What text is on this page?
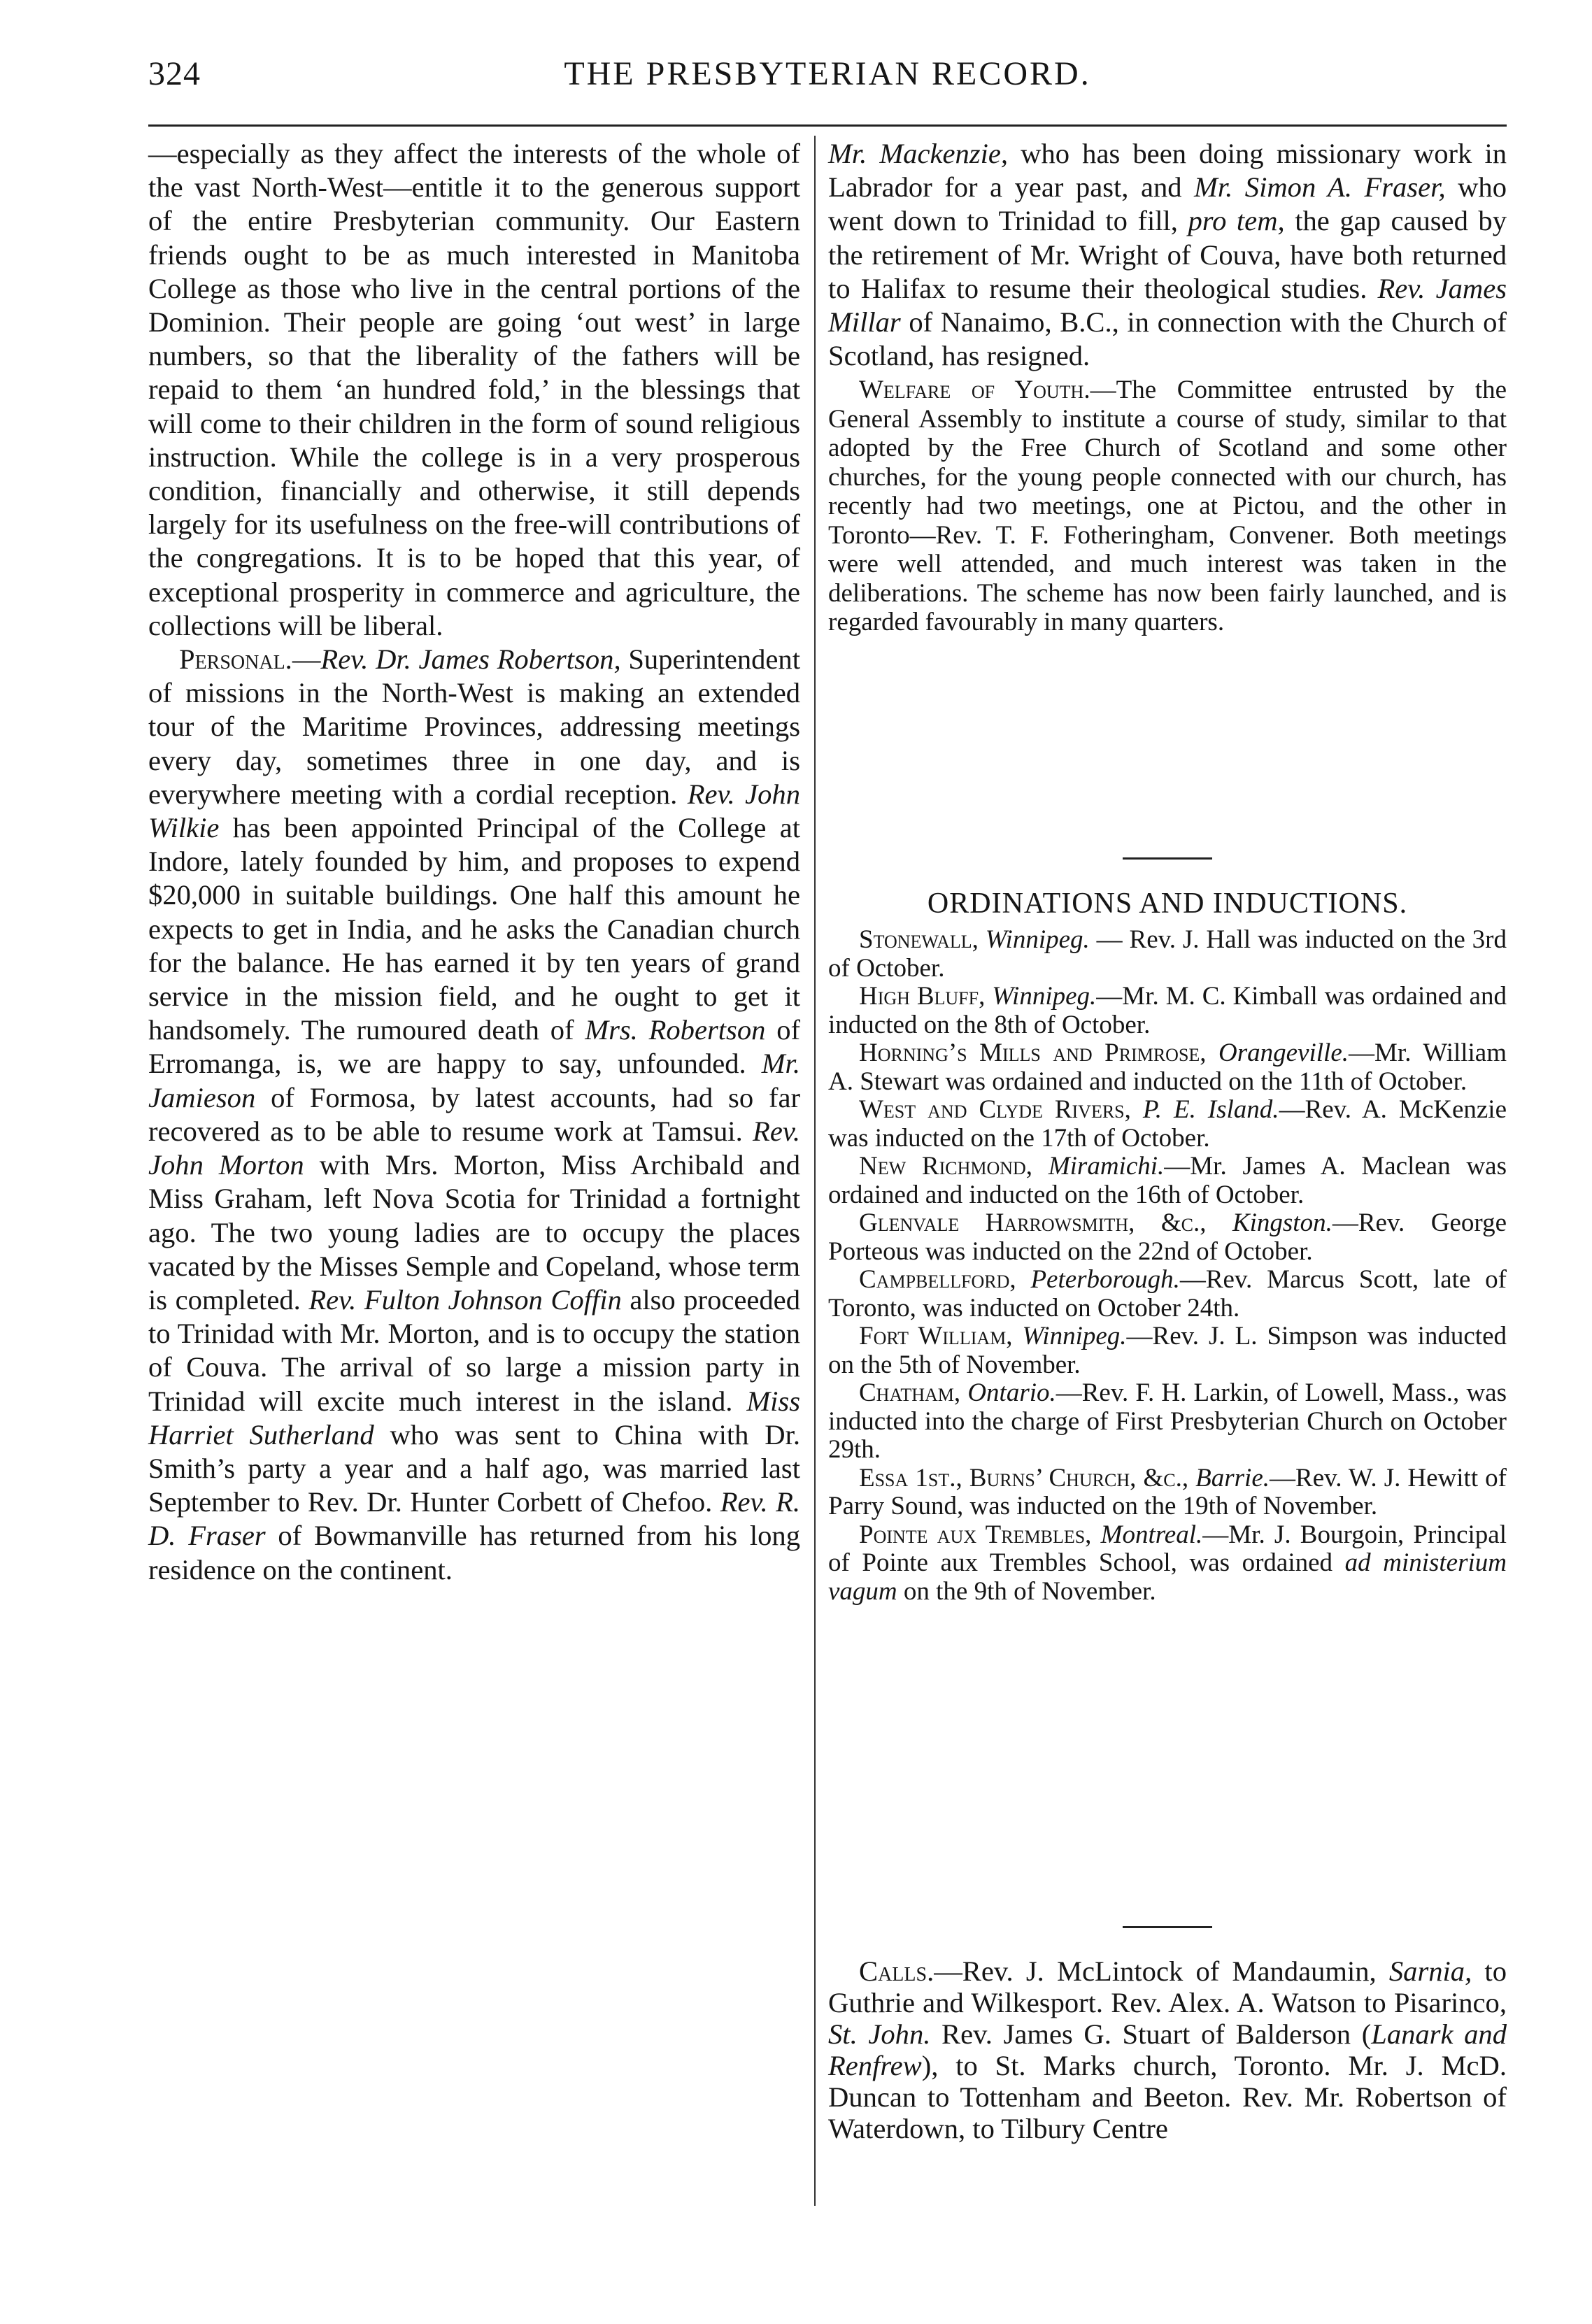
324	THE PRESBYTERIAN RECORD.

—especially as they affect the interests of the whole of the vast North-West—entitle it to the generous support of the entire Presbyterian community. Our Eastern friends ought to be as much interested in Manitoba College as those who live in the central portions of the Dominion. Their people are going ‘out west’ in large numbers, so that the liberality of the fathers will be repaid to them ‘an hundred fold,’ in the blessings that will come to their children in the form of sound religious instruction. While the college is in a very prosperous condition, financially and otherwise, it still depends largely for its usefulness on the free-will contributions of the congregations. It is to be hoped that this year, of exceptional prosperity in commerce and agriculture, the collections will be liberal.

Personal.—Rev. Dr. James Robertson, Superintendent of missions in the North-West is making an extended tour of the Maritime Provinces, addressing meetings every day, sometimes three in one day, and is everywhere meeting with a cordial reception. Rev. John Wilkie has been appointed Principal of the College at Indore, lately founded by him, and proposes to expend $20,000 in suitable buildings. One half this amount he expects to get in India, and he asks the Canadian church for the balance. He has earned it by ten years of grand service in the mission field, and he ought to get it handsomely. The rumoured death of Mrs. Robertson of Erromanga, is, we are happy to say, unfounded. Mr. Jamieson of Formosa, by latest accounts, had so far recovered as to be able to resume work at Tamsui. Rev. John Morton with Mrs. Morton, Miss Archibald and Miss Graham, left Nova Scotia for Trinidad a fortnight ago. The two young ladies are to occupy the places vacated by the Misses Semple and Copeland, whose term is completed. Rev. Fulton Johnson Coffin also proceeded to Trinidad with Mr. Morton, and is to occupy the station of Couva. The arrival of so large a mission party in Trinidad will excite much interest in the island. Miss Harriet Sutherland who was sent to China with Dr. Smith’s party a year and a half ago, was married last September to Rev. Dr. Hunter Corbett of Chefoo. Rev. R. D. Fraser of Bowmanville has returned from his long residence on the continent.

Mr. Mackenzie, who has been doing missionary work in Labrador for a year past, and Mr. Simon A. Fraser, who went down to Trinidad to fill, pro tem, the gap caused by the retirement of Mr. Wright of Couva, have both returned to Halifax to resume their theological studies. Rev. James Millar of Nanaimo, B.C., in connection with the Church of Scotland, has resigned.

Welfare of Youth.—The Committee entrusted by the General Assembly to institute a course of study, similar to that adopted by the Free Church of Scotland and some other churches, for the young people connected with our church, has recently had two meetings, one at Pictou, and the other in Toronto—Rev. T. F. Fotheringham, Convener. Both meetings were well attended, and much interest was taken in the deliberations. The scheme has now been fairly launched, and is regarded favourably in many quarters.

ORDINATIONS AND INDUCTIONS.

Stonewall, Winnipeg. — Rev. J. Hall was inducted on the 3rd of October.

High Bluff, Winnipeg.—Mr. M. C. Kimball was ordained and inducted on the 8th of October.

Horning’s Mills and Primrose, Orangeville.—Mr. William A. Stewart was ordained and inducted on the 11th of October.

West and Clyde Rivers, P. E. Island.—Rev. A. McKenzie was inducted on the 17th of October.

New Richmond, Miramichi.—Mr. James A. Maclean was ordained and inducted on the 16th of October.

Glenvale Harrowsmith, &c., Kingston.—Rev. George Porteous was inducted on the 22nd of October.

Campbellford, Peterborough.—Rev. Marcus Scott, late of Toronto, was inducted on October 24th.

Fort William, Winnipeg.—Rev. J. L. Simpson was inducted on the 5th of November.

Chatham, Ontario.—Rev. F. H. Larkin, of Lowell, Mass., was inducted into the charge of First Presbyterian Church on October 29th.

Essa 1st., Burns’ Church, &c., Barrie.—Rev. W. J. Hewitt of Parry Sound, was inducted on the 19th of November.

Pointe aux Trembles, Montreal.—Mr. J. Bourgoin, Principal of Pointe aux Trembles School, was ordained ad ministerium vagum on the 9th of November.

Calls.—Rev. J. McLintock of Mandaumin, Sarnia, to Guthrie and Wilkesport. Rev. Alex. A. Watson to Pisarinco, St. John. Rev. James G. Stuart of Balderson (Lanark and Renfrew), to St. Marks church, Toronto. Mr. J. McD. Duncan to Tottenham and Beeton. Rev. Mr. Robertson of Waterdown, to Tilbury Centre
